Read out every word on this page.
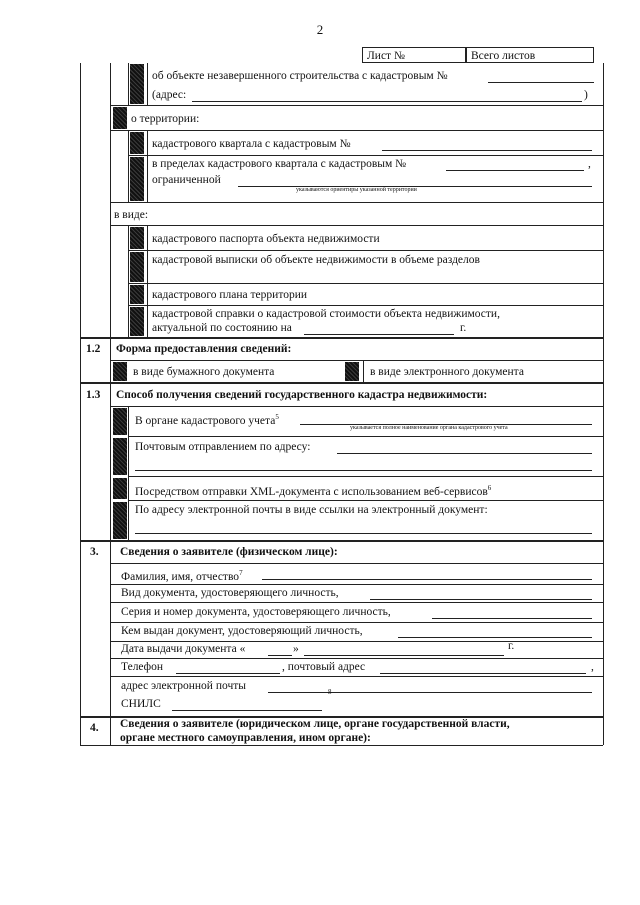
2
Лист №	Всего листов
об объекте незавершенного строительства с кадастровым №
(адрес:	)
о территории:
кадастрового квартала с кадастровым №
в пределах кадастрового квартала с кадастровым №	,
ограниченной
указываются ориентиры указанной территории
в виде:
кадастрового паспорта объекта недвижимости
кадастровой выписки об объекте недвижимости в объеме разделов
кадастрового плана территории
кадастровой справки о кадастровой стоимости объекта недвижимости,
актуальной по состоянию на	г.
1.2 Форма предоставления сведений:
в виде бумажного документа	в виде электронного документа
1.3 Способ получения сведений государственного кадастра недвижимости:
В органе кадастрового учета$^5$
указывается полное наименование органа кадастрового учета
Почтовым отправлением по адресу:
Посредством отправки XML-документа с использованием веб-сервисов$^6$
По адресу электронной почты в виде ссылки на электронный документ:
3. Сведения о заявителе (физическом лице):
Фамилия, имя, отчество$^7$
Вид документа, удостоверяющего личность,
Серия и номер документа, удостоверяющего личность,
Кем выдан документ, удостоверяющий личность,
Дата выдачи документа «	»	г.
Телефон	, почтовый адрес	,
адрес электронной почты
СНИЛС
8
4. Сведения о заявителе (юридическом лице, органе государственной власти,
органе местного самоуправления, ином органе):
